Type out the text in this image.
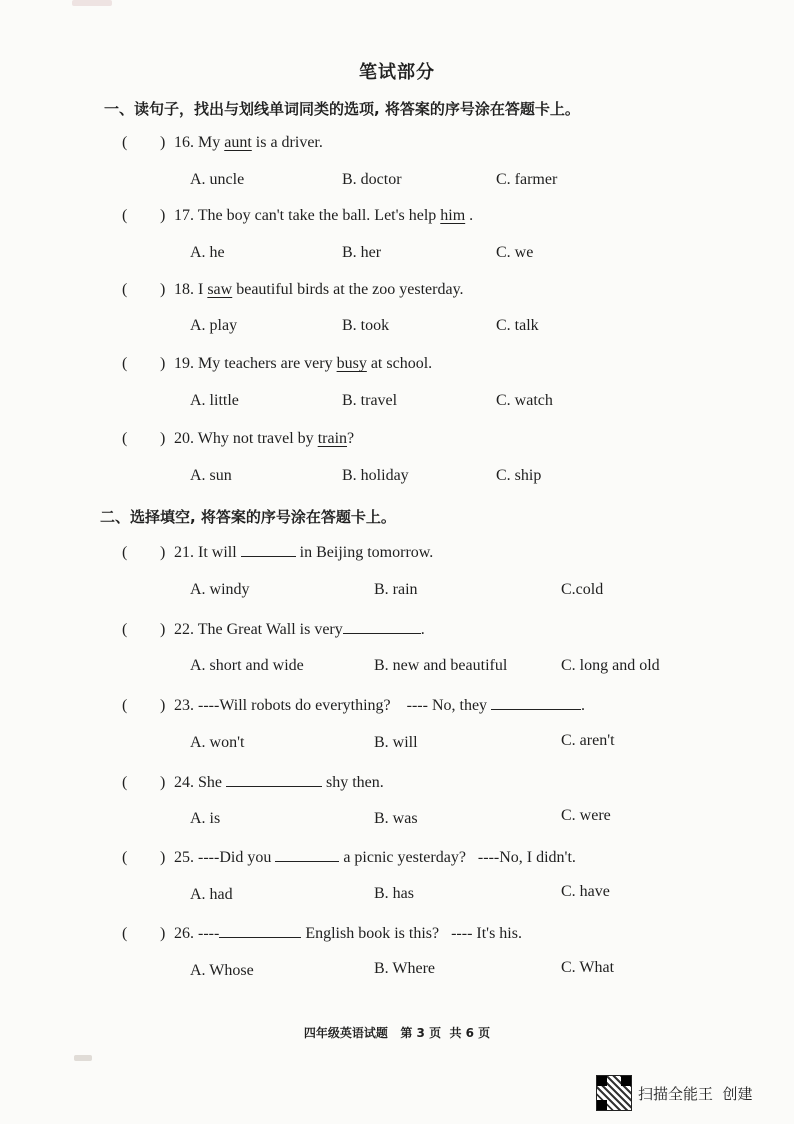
笔试部分
一、读句子，找出与划线单词同类的选项, 将答案的序号涂在答题卡上。
( ) 16. My aunt is a driver.
A. uncle	B. doctor	C. farmer
( ) 17. The boy can't take the ball. Let's help him .
A. he	B. her	C. we
( ) 18. I saw beautiful birds at the zoo yesterday.
A. play	B. took	C. talk
( ) 19. My teachers are very busy at school.
A. little	B. travel	C. watch
( ) 20. Why not travel by train?
A. sun	B. holiday	C. ship
二、选择填空, 将答案的序号涂在答题卡上。
( ) 21. It will	in Beijing tomorrow.
A. windy	B. rain	C.cold
( ) 22. The Great Wall is very	.
A. short and wide	B. new and beautiful	C. long and old
( ) 23. ----Will robots do everything?    ---- No, they	.
A. won't	B. will	C. aren't
( ) 24. She	shy then.
A. is	B. was	C. were
( ) 25. ----Did you	a picnic yesterday?   ----No, I didn't.
A. had	B. has	C. have
( ) 26. ----	English book is this?   ---- It's his.
A. Whose	B. Where	C. What
四年级英语试题   第 3 页  共 6 页
扫描全能王  创建
